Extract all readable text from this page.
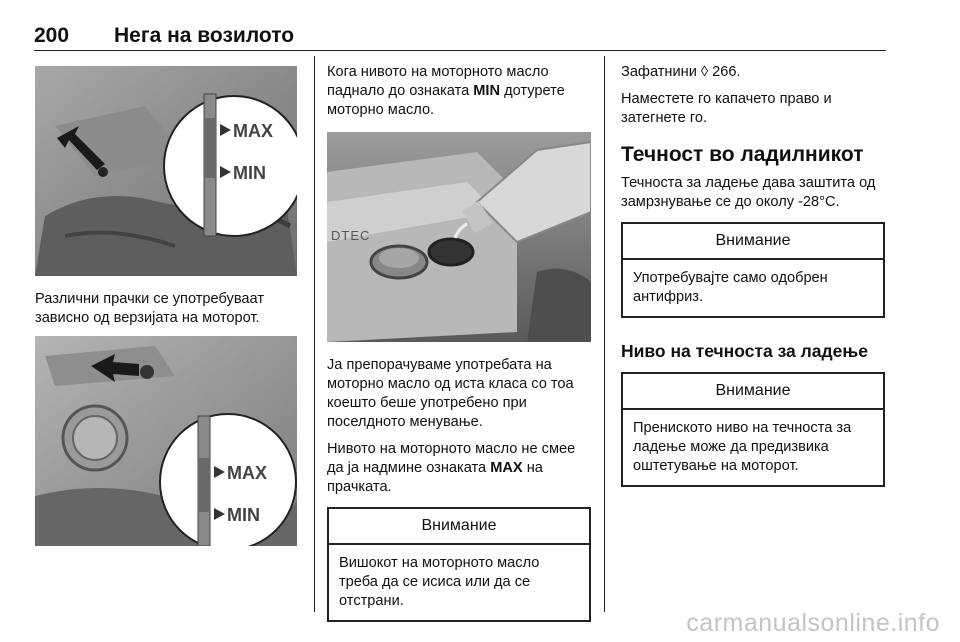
200 Нега на возилото
MAX
MIN

Различни прачки се употребуваат зависно од верзијата на моторот.

MAX
MIN

Кога нивото на моторното масло паднало до ознаката MIN дотурете моторно масло.

DTEC

Ја препорачуваме употребата на моторно масло од иста класа со тоа коешто беше употребено при поселдното менување.

Нивото на моторното масло не смее да ја надмине ознаката MAX на прачката.

Внимание
Вишокот на моторното масло треба да се исиса или да се отстрани.

Зафатнини ◊ 266.

Наместете го капачето право и затегнете го.

Течност во ладилникот

Течноста за ладење дава заштита од замрзнување се до околу -28°C.

Внимание
Употребувајте само одобрен антифриз.
Ниво на течноста за ладење
Внимание
Прениското ниво на течноста за ладење може да предизвика оштетување на моторот.
carmanualsonline.info
